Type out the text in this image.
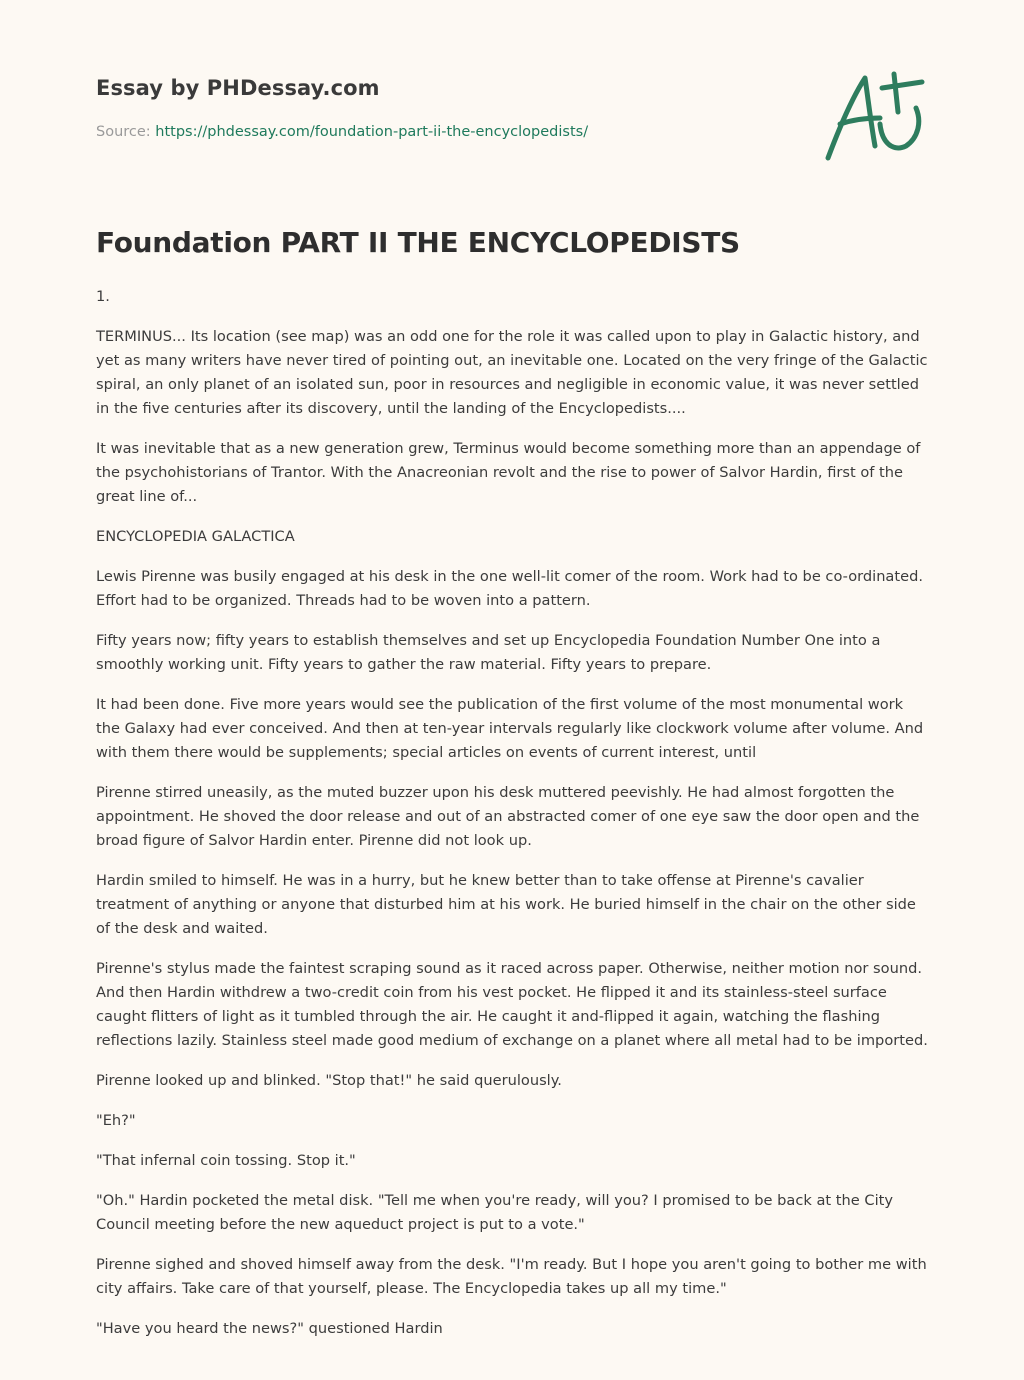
Essay by PHDessay.com

Source: https://phdessay.com/foundation-part-ii-the-encyclopedists/

Foundation PART II THE ENCYCLOPEDISTS

1.

TERMINUS... Its location (see map) was an odd one for the role it was called upon to play in Galactic history, and yet as many writers have never tired of pointing out, an inevitable one. Located on the very fringe of the Galactic spiral, an only planet of an isolated sun, poor in resources and negligible in economic value, it was never settled in the five centuries after its discovery, until the landing of the Encyclopedists....

It was inevitable that as a new generation grew, Terminus would become something more than an appendage of the psychohistorians of Trantor. With the Anacreonian revolt and the rise to power of Salvor Hardin, first of the great line of...

ENCYCLOPEDIA GALACTICA

Lewis Pirenne was busily engaged at his desk in the one well-lit comer of the room. Work had to be co-ordinated. Effort had to be organized. Threads had to be woven into a pattern.

Fifty years now; fifty years to establish themselves and set up Encyclopedia Foundation Number One into a smoothly working unit. Fifty years to gather the raw material. Fifty years to prepare.

It had been done. Five more years would see the publication of the first volume of the most monumental work the Galaxy had ever conceived. And then at ten-year intervals regularly like clockwork volume after volume. And with them there would be supplements; special articles on events of current interest, until

Pirenne stirred uneasily, as the muted buzzer upon his desk muttered peevishly. He had almost forgotten the appointment. He shoved the door release and out of an abstracted comer of one eye saw the door open and the broad figure of Salvor Hardin enter. Pirenne did not look up.

Hardin smiled to himself. He was in a hurry, but he knew better than to take offense at Pirenne's cavalier treatment of anything or anyone that disturbed him at his work. He buried himself in the chair on the other side of the desk and waited.

Pirenne's stylus made the faintest scraping sound as it raced across paper. Otherwise, neither motion nor sound. And then Hardin withdrew a two-credit coin from his vest pocket. He flipped it and its stainless-steel surface caught flitters of light as it tumbled through the air. He caught it and-flipped it again, watching the flashing reflections lazily. Stainless steel made good medium of exchange on a planet where all metal had to be imported.

Pirenne looked up and blinked. "Stop that!" he said querulously.

"Eh?"

"That infernal coin tossing. Stop it."

"Oh." Hardin pocketed the metal disk. "Tell me when you're ready, will you? I promised to be back at the City Council meeting before the new aqueduct project is put to a vote."

Pirenne sighed and shoved himself away from the desk. "I'm ready. But I hope you aren't going to bother me with city affairs. Take care of that yourself, please. The Encyclopedia takes up all my time."

"Have you heard the news?" questioned Hardin
